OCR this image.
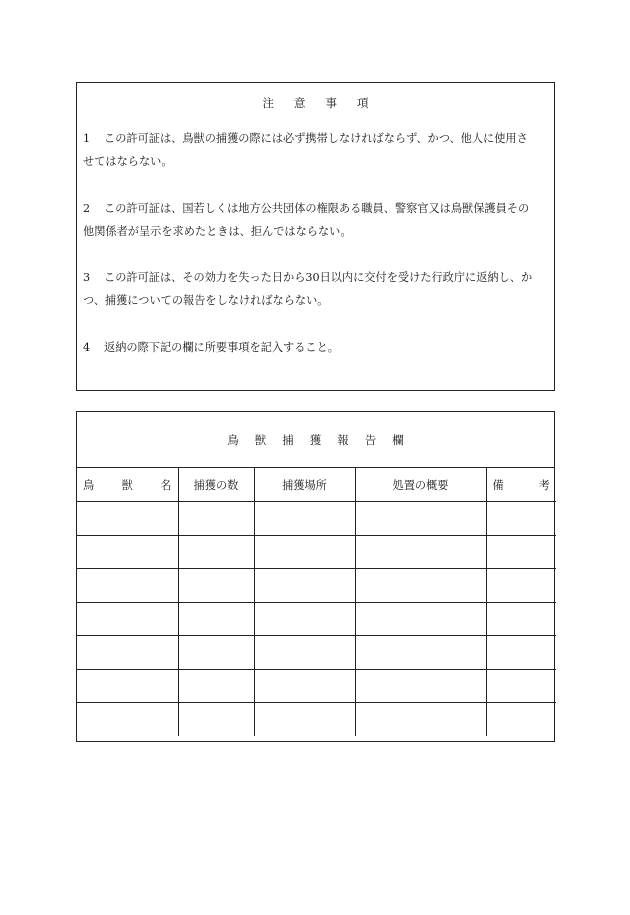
注 意 事 項
1 この許可証は、鳥獣の捕獲の際には必ず携帯しなければならず、かつ、他人に使用さ
せてはならない。
2 この許可証は、国若しくは地方公共団体の権限ある職員、警察官又は鳥獣保護員その
他関係者が呈示を求めたときは、拒んではならない。
3 この許可証は、その効力を失った日から30日以内に交付を受けた行政庁に返納し、か
つ、捕獲についての報告をしなければならない。
4 返納の際下記の欄に所要事項を記入すること。
鳥 獣 捕 獲 報 告 欄
鳥 獣 名	捕獲の数	捕獲場所	処置の概要	備 考
